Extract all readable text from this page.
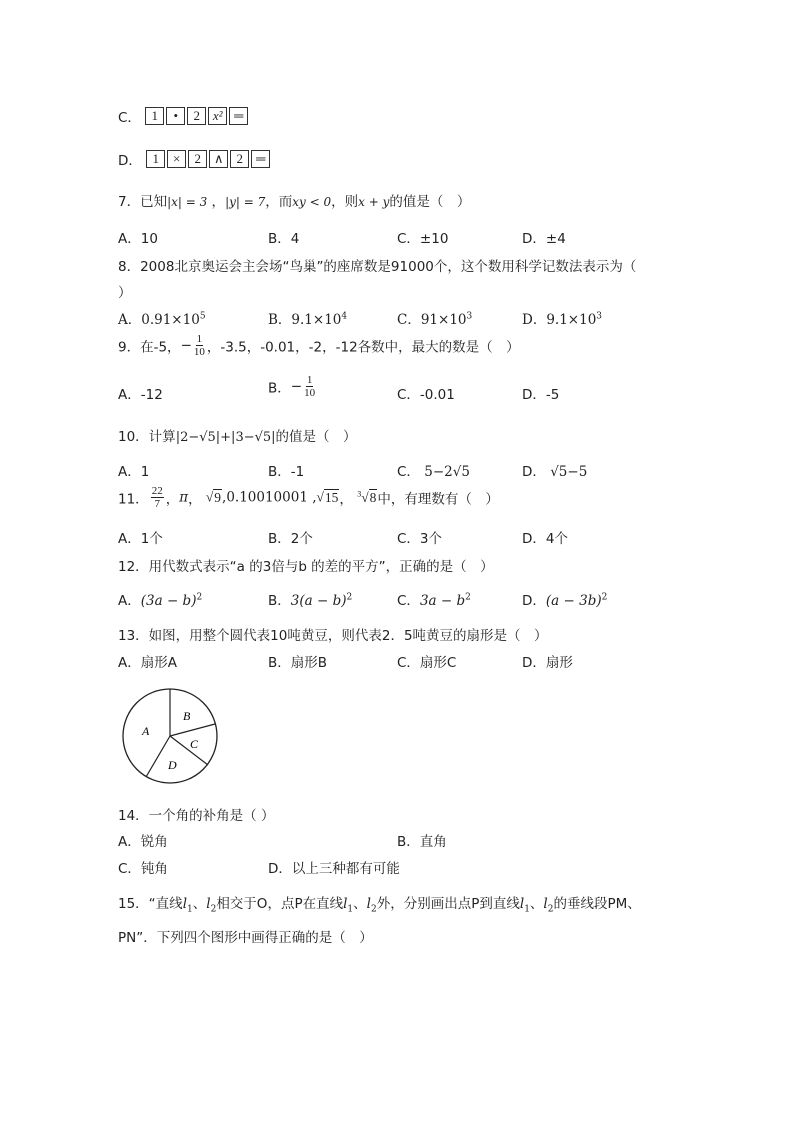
C． 1 • 2 x² ═
D． 1 × 2 ∧ 2 ═
7．已知|x| = 3 ，|y| = 7，而xy < 0，则x + y的值是（　）
A．10	B．4	C．±10	D．±4
8．2008北京奥运会主会场“鸟巢”的座席数是91000个，这个数用科学记数法表示为（
）
A．$0.91\times 10^5$	B．$9.1\times 10^4$	C．$91\times 10^3$	D．$9.1\times 10^3$
9．在-5，− $\frac{1}{10}$ ，-3.5，-0.01，-2，-12各数中，最大的数是（　）
A．-12	B．− $\frac{1}{10}$	C．-0.01	D．-5
10．计算|2−√5|+|3−√5|的值是（　）
A．1	B．-1	C． 5−2√5	D． √5−5
11． $\frac{22}{7}$ ，π， √9,0.10010001 ,√15， $^3$√8中，有理数有（　）
A．1个	B．2个	C．3个	D．4个
12．用代数式表示“a 的3倍与b 的差的平方”，正确的是（　）
A．$(3a - b)^2$	B．$3(a - b)^2$	C．$3a - b^2$	D．$(a - 3b)^2$
13．如图，用整个圆代表10吨黄豆，则代表2．5吨黄豆的扇形是（　）
A．扇形A	B．扇形B	C．扇形C	D．扇形
A
B
C
D
14．一个角的补角是（ ）
A．锐角	B．直角
C．钝角	D．以上三种都有可能
15．“直线$l_1$、$l_2$相交于O，点P在直线$l_1$、$l_2$外，分别画出点P到直线$l_1$、$l_2$的垂线段PM、
PN”．下列四个图形中画得正确的是（　）
